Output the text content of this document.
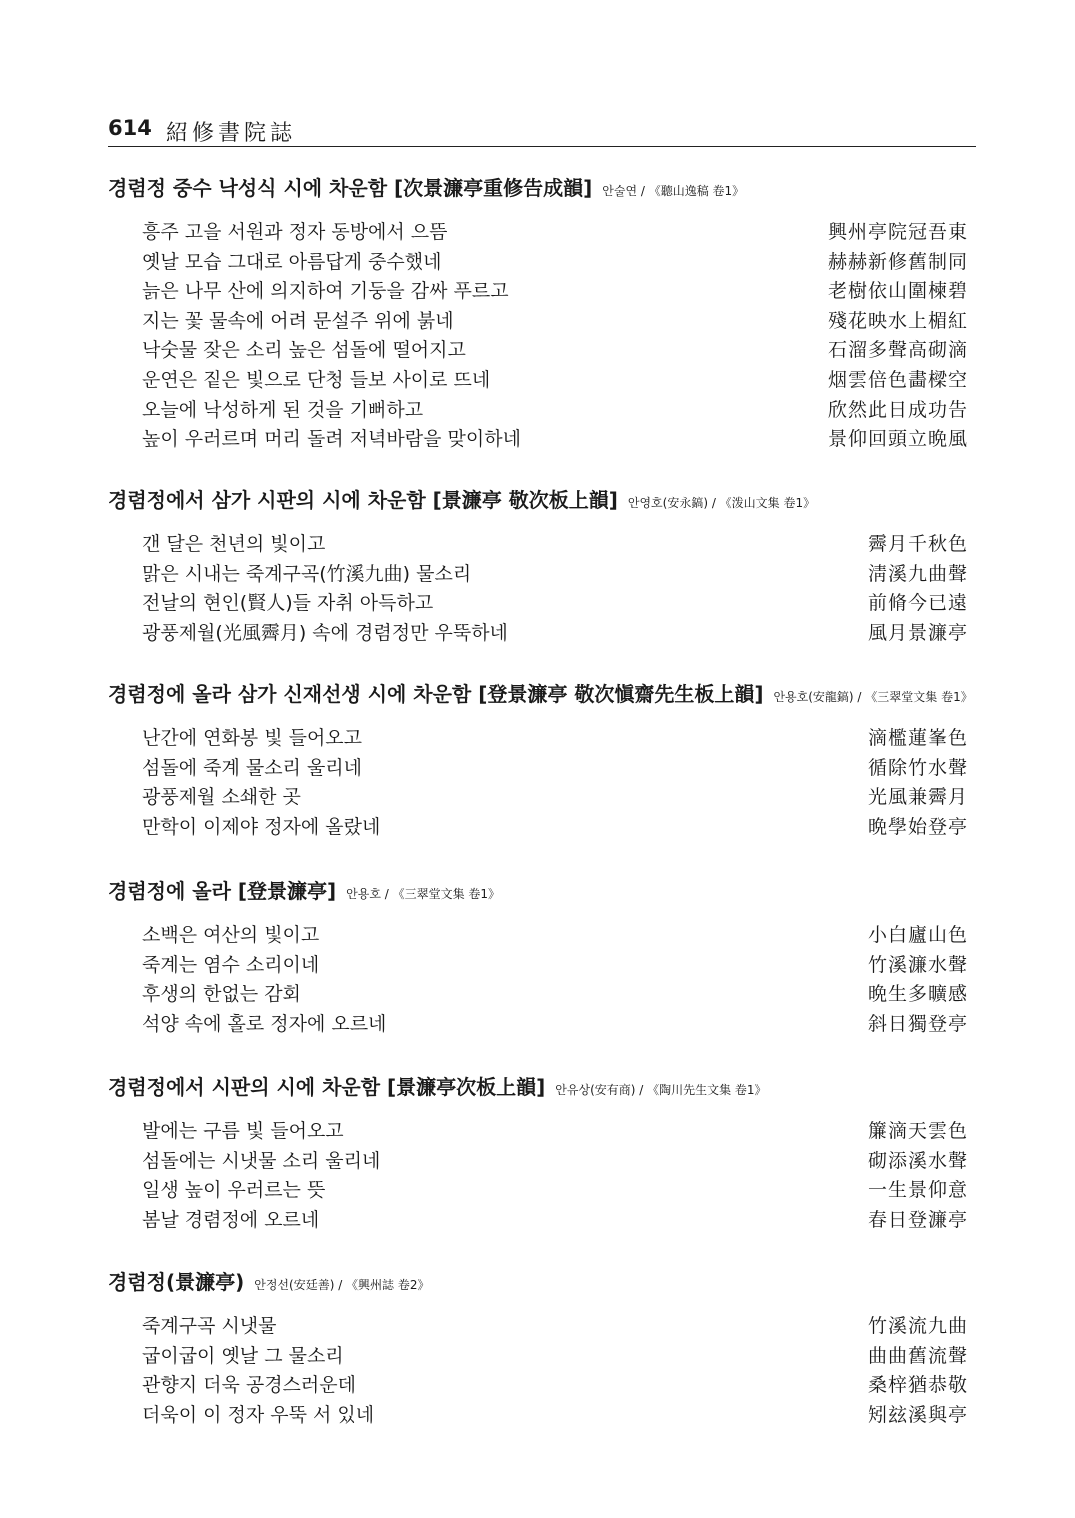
614 紹修書院誌
경렴정 중수 낙성식 시에 차운함 [次景濂亭重修告成韻] 안술연 / 《聽山逸稿 卷1》
흥주 고을 서원과 정자 동방에서 으뜸	興州亭院冠吾東
옛날 모습 그대로 아름답게 중수했네	赫赫新修舊制同
늙은 나무 산에 의지하여 기둥을 감싸 푸르고	老樹依山圍楝碧
지는 꽃 물속에 어려 문설주 위에 붉네	殘花映水上楣紅
낙숫물 잦은 소리 높은 섬돌에 떨어지고	石溜多聲高砌滴
운연은 짙은 빛으로 단청 들보 사이로 뜨네	烟雲倍色畵樑空
오늘에 낙성하게 된 것을 기뻐하고	欣然此日成功告
높이 우러르며 머리 돌려 저녁바람을 맞이하네	景仰回頭立晩風
경렴정에서 삼가 시판의 시에 차운함 [景濂亭 敬次板上韻] 안영호(安永鎬) / 《泼山文集 卷1》
갠 달은 천년의 빛이고	霽月千秋色
맑은 시내는 죽계구곡(竹溪九曲) 물소리	淸溪九曲聲
전날의 현인(賢人)들 자취 아득하고	前脩今已遠
광풍제월(光風霽月) 속에 경렴정만 우뚝하네	風月景濂亭
경렴정에 올라 삼가 신재선생 시에 차운함 [登景濂亭 敬次愼齋先生板上韻] 안용호(安龍鎬) / 《三翠堂文集 卷1》
난간에 연화봉 빛 들어오고	滴檻蓮峯色
섬돌에 죽계 물소리 울리네	循除竹水聲
광풍제월 소쇄한 곳	光風兼霽月
만학이 이제야 정자에 올랐네	晩學始登亭
경렴정에 올라 [登景濂亭] 안용호 / 《三翠堂文集 卷1》
소백은 여산의 빛이고	小白廬山色
죽계는 염수 소리이네	竹溪濂水聲
후생의 한없는 감회	晩生多曠感
석양 속에 홀로 정자에 오르네	斜日獨登亭
경렴정에서 시판의 시에 차운함 [景濂亭次板上韻] 안유상(安有商) / 《陶川先生文集 卷1》
발에는 구름 빛 들어오고	簾滴天雲色
섬돌에는 시냇물 소리 울리네	砌添溪水聲
일생 높이 우러르는 뜻	一生景仰意
봄날 경렴정에 오르네	春日登濂亭
경렴정(景濂亭) 안정선(安廷善) / 《興州誌 卷2》
죽계구곡 시냇물	竹溪流九曲
굽이굽이 옛날 그 물소리	曲曲舊流聲
관향지 더욱 공경스러운데	桑梓猶恭敬
더욱이 이 정자 우뚝 서 있네	矧玆溪與亭
